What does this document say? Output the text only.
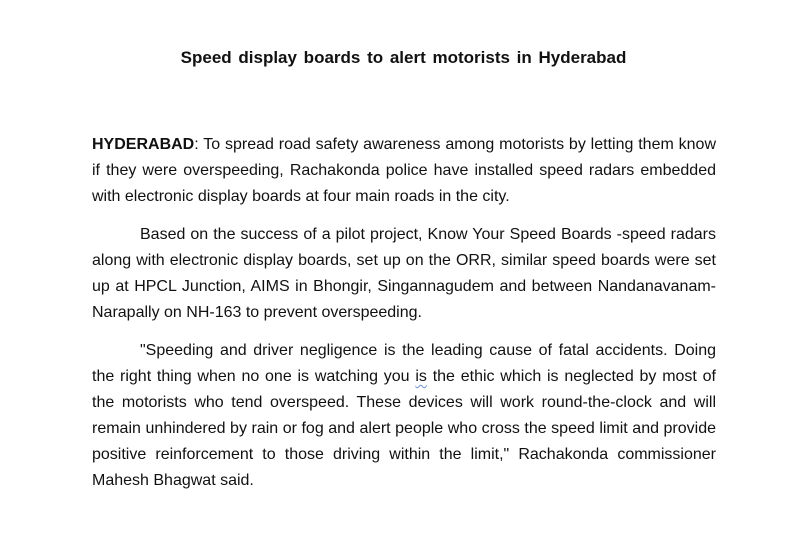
Speed display boards to alert motorists in Hyderabad

HYDERABAD: To spread road safety awareness among motorists by letting them know if they were overspeeding, Rachakonda police have installed speed radars embedded with electronic display boards at four main roads in the city.

Based on the success of a pilot project, Know Your Speed Boards -speed radars along with electronic display boards, set up on the ORR, similar speed boards were set up at HPCL Junction, AIMS in Bhongir, Singannagudem and between Nandanavanam-Narapally on NH-163 to prevent overspeeding.

"Speeding and driver negligence is the leading cause of fatal accidents. Doing the right thing when no one is watching you is the ethic which is neglected by most of the motorists who tend overspeed. These devices will work round-the-clock and will remain unhindered by rain or fog and alert people who cross the speed limit and provide positive reinforcement to those driving within the limit," Rachakonda commissioner Mahesh Bhagwat said.
